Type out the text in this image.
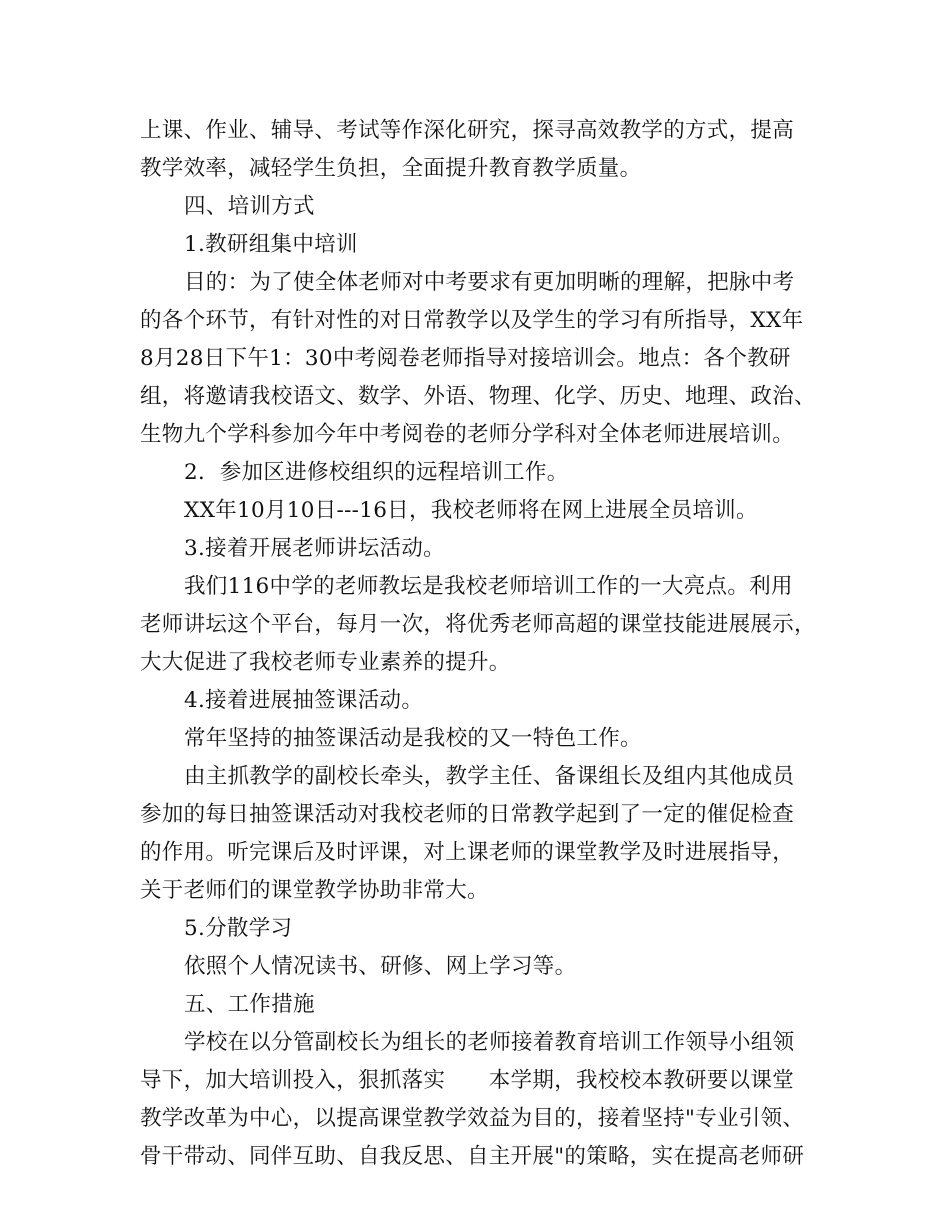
上课、作业、辅导、考试等作深化研究，探寻高效教学的方式，提高
教学效率，减轻学生负担，全面提升教育教学质量。
四、培训方式
1.教研组集中培训
目的：为了使全体老师对中考要求有更加明晰的理解，把脉中考
的各个环节，有针对性的对日常教学以及学生的学习有所指导，XX年
8月28日下午1：30中考阅卷老师指导对接培训会。地点：各个教研
组，将邀请我校语文、数学、外语、物理、化学、历史、地理、政治、
生物九个学科参加今年中考阅卷的老师分学科对全体老师进展培训。
2．参加区进修校组织的远程培训工作。
XX年10月10日---16日，我校老师将在网上进展全员培训。
3.接着开展老师讲坛活动。
我们116中学的老师教坛是我校老师培训工作的一大亮点。利用
老师讲坛这个平台，每月一次，将优秀老师高超的课堂技能进展展示，
大大促进了我校老师专业素养的提升。
4.接着进展抽签课活动。
常年坚持的抽签课活动是我校的又一特色工作。
由主抓教学的副校长牵头，教学主任、备课组长及组内其他成员
参加的每日抽签课活动对我校老师的日常教学起到了一定的催促检查
的作用。听完课后及时评课，对上课老师的课堂教学及时进展指导，
关于老师们的课堂教学协助非常大。
5.分散学习
依照个人情况读书、研修、网上学习等。
五、工作措施
学校在以分管副校长为组长的老师接着教育培训工作领导小组领
导下，加大培训投入，狠抓落实　　本学期，我校校本教研要以课堂
教学改革为中心，以提高课堂教学效益为目的，接着坚持"专业引领、
骨干带动、同伴互助、自我反思、自主开展"的策略，实在提高老师研
